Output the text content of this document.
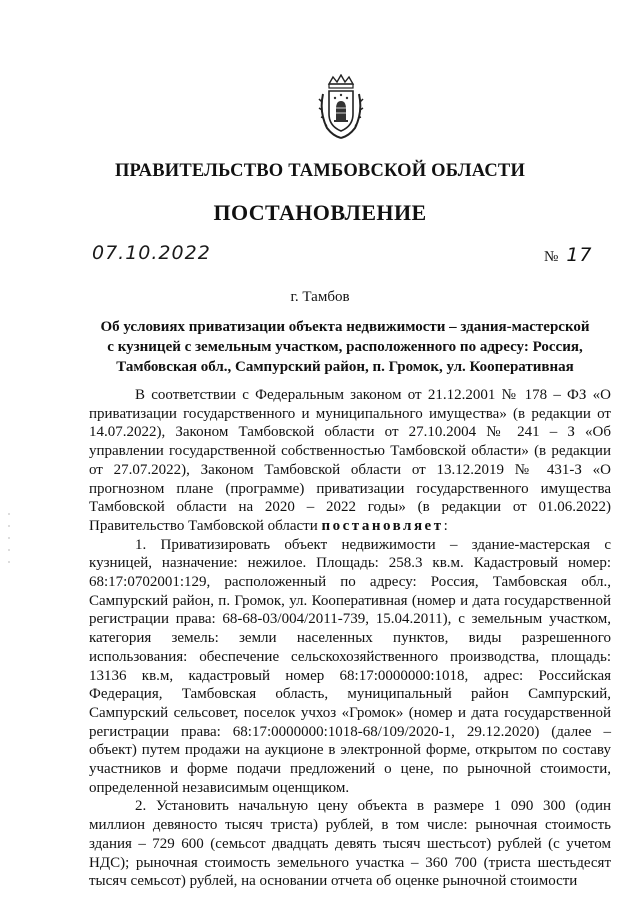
ПРАВИТЕЛЬСТВО ТАМБОВСКОЙ ОБЛАСТИ
ПОСТАНОВЛЕНИЕ
07.10.2022	№ 17
г. Тамбов
Об условиях приватизации объекта недвижимости – здания-мастерской
с кузницей с земельным участком, расположенного по адресу: Россия,
Тамбовская обл., Сампурский район, п. Громок, ул. Кооперативная

В соответствии с Федеральным законом от 21.12.2001 № 178 – ФЗ «О приватизации государственного и муниципального имущества» (в редакции от 14.07.2022), Законом Тамбовской области от 27.10.2004 № 241 – З «Об управлении государственной собственностью Тамбовской области» (в редакции от 27.07.2022), Законом Тамбовской области от 13.12.2019 № 431-З «О прогнозном плане (программе) приватизации государственного имущества Тамбовской области на 2020 – 2022 годы» (в редакции от 01.06.2022) Правительство Тамбовской области постановляет:

1. Приватизировать объект недвижимости – здание-мастерская с кузницей, назначение: нежилое. Площадь: 258.3 кв.м. Кадастровый номер: 68:17:0702001:129, расположенный по адресу: Россия, Тамбовская обл., Сампурский район, п. Громок, ул. Кооперативная (номер и дата государственной регистрации права: 68-68-03/004/2011-739, 15.04.2011), с земельным участком, категория земель: земли населенных пунктов, виды разрешенного использования: обеспечение сельскохозяйственного производства, площадь: 13136 кв.м, кадастровый номер 68:17:0000000:1018, адрес: Российская Федерация, Тамбовская область, муниципальный район Сампурский, Сампурский сельсовет, поселок учхоз «Громок» (номер и дата государственной регистрации права: 68:17:0000000:1018-68/109/2020-1, 29.12.2020) (далее – объект) путем продажи на аукционе в электронной форме, открытом по составу участников и форме подачи предложений о цене, по рыночной стоимости, определенной независимым оценщиком.

2. Установить начальную цену объекта в размере 1 090 300 (один миллион девяносто тысяч триста) рублей, в том числе: рыночная стоимость здания – 729 600 (семьсот двадцать девять тысяч шестьсот) рублей (с учетом НДС); рыночная стоимость земельного участка – 360 700 (триста шестьдесят тысяч семьсот) рублей, на основании отчета об оценке рыночной стоимости
